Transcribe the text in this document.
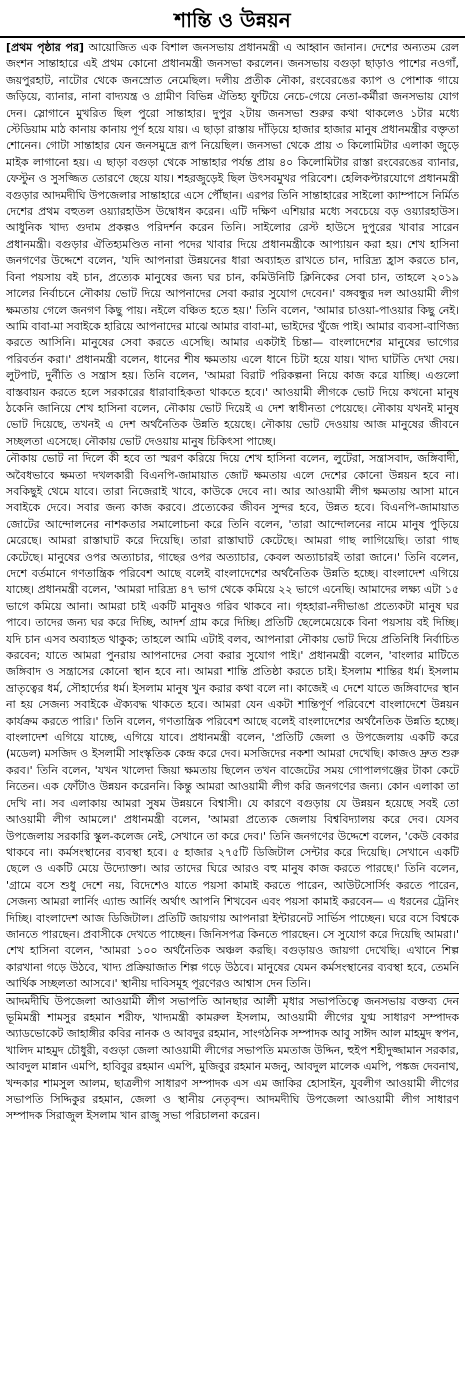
শান্তি ও উন্নয়ন

[প্রথম পৃষ্ঠার পর] আয়োজিত এক বিশাল জনসভায় প্রধানমন্ত্রী এ আহ্বান জানান। দেশের অন্যতম রেল জংশন সান্তাহারে এই প্রথম কোনো প্রধানমন্ত্রী জনসভা করলেন। জনসভায় বগুড়া ছাড়াও পাশের নওগাঁ, জয়পুরহাট, নাটোর থেকে জনস্রোত নেমেছিল। দলীয় প্রতীক নৌকা, রংবেরঙের ক্যাপ ও পোশাক গায়ে জড়িয়ে, ব্যানার, নানা বাদ্যযন্ত্র ও গ্রামীণ বিভিন্ন ঐতিহ্য ফুটিয়ে নেচে-গেয়ে নেতা-কর্মীরা জনসভায় যোগ দেন। স্লোগানে মুখরিত ছিল পুরো সান্তাহার। দুপুর ২টায় জনসভা শুরুর কথা থাকলেও ১টার মধ্যে স্টেডিয়াম মাঠ কানায় কানায় পূর্ণ হয়ে যায়। এ ছাড়া রাস্তায় দাঁড়িয়ে হাজার হাজার মানুষ প্রধানমন্ত্রীর বক্তৃতা শোনেন। গোটা সান্তাহার যেন জনসমুদ্রে রূপ নিয়েছিল। জনসভা থেকে প্রায় ৩ কিলোমিটার এলাকা জুড়ে মাইক লাগানো হয়। এ ছাড়া বগুড়া থেকে সান্তাহার পর্যন্ত প্রায় ৪০ কিলোমিটার রাস্তা রংবেরঙের ব্যানার, ফেস্টুন ও সুসজ্জিত তোরণে ছেয়ে যায়। শহরজুড়েই ছিল উৎসবমুখর পরিবেশ। হেলিকপ্টারযোগে প্রধানমন্ত্রী বগুড়ার আদমদীঘি উপজেলার সান্তাহারে এসে পৌঁছান। এরপর তিনি সান্তাহারের সাইলো ক্যাম্পাসে নির্মিত দেশের প্রথম বহুতল ওয়্যারহাউস উদ্বোধন করেন। এটি দক্ষিণ এশিয়ার মধ্যে সবচেয়ে বড় ওয়্যারহাউস। আধুনিক খাদ্য গুদাম প্রকল্পও পরিদর্শন করেন তিনি। সাইলোর রেস্ট হাউসে দুপুরের খাবার সারেন প্রধানমন্ত্রী। বগুড়ার ঐতিহ্যমণ্ডিত নানা পদের খাবার দিয়ে প্রধানমন্ত্রীকে আপ্যায়ন করা হয়। শেখ হাসিনা জনগণের উদ্দেশে বলেন, 'যদি আপনারা উন্নয়নের ধারা অব্যাহত রাখতে চান, দারিদ্র্য হ্রাস করতে চান, বিনা পয়সায় বই চান, প্রত্যেক মানুষের জন্য ঘর চান, কমিউনিটি ক্লিনিকের সেবা চান, তাহলে ২০১৯ সালের নির্বাচনে নৌকায় ভোট দিয়ে আপনাদের সেবা করার সুযোগ দেবেন।' বঙ্গবন্ধুর দল আওয়ামী লীগ ক্ষমতায় গেলে জনগণ কিছু পায়। নইলে বঞ্চিত হতে হয়।' তিনি বলেন, 'আমার চাওয়া-পাওয়ার কিছু নেই। আমি বাবা-মা সবাইকে হারিয়ে আপনাদের মাঝে আমার বাবা-মা, ভাইদের খুঁজে পাই। আমার ব্যবসা-বাণিজ্য করতে আসিনি। মানুষের সেবা করতে এসেছি। আমার একটাই চিন্তা— বাংলাদেশের মানুষের ভাগ্যের পরিবর্তন করা।' প্রধানমন্ত্রী বলেন, ধানের শীষ ক্ষমতায় এলে ধানে চিটা হয়ে যায়। খাদ্য ঘাটতি দেখা দেয়। লুটপাট, দুর্নীতি ও সন্ত্রাস হয়। তিনি বলেন, 'আমরা বিরাট পরিকল্পনা নিয়ে কাজ করে যাচ্ছি। এগুলো বাস্তবায়ন করতে হলে সরকারের ধারাবাহিকতা থাকতে হবে।' আওয়ামী লীগকে ভোট দিয়ে কখনো মানুষ ঠকেনি জানিয়ে শেখ হাসিনা বলেন, নৌকায় ভোট দিয়েই এ দেশ স্বাধীনতা পেয়েছে। নৌকায় যখনই মানুষ ভোট দিয়েছে, তখনই এ দেশ অর্থনৈতিক উন্নতি হয়েছে। নৌকায় ভোট দেওয়ায় আজ মানুষের জীবনে সচ্ছলতা এসেছে। নৌকায় ভোট দেওয়ায় মানুষ চিকিৎসা পাচ্ছে।

নৌকায় ভোট না দিলে কী হবে তা স্মরণ করিয়ে দিয়ে শেখ হাসিনা বলেন, লুটেরা, সন্ত্রাসবাদ, জঙ্গিবাদী, অবৈধভাবে ক্ষমতা দখলকারী বিএনপি-জামায়াত জোট ক্ষমতায় এলে দেশের কোনো উন্নয়ন হবে না। সবকিছুই থেমে যাবে। তারা নিজেরাই খাবে, কাউকে দেবে না। আর আওয়ামী লীগ ক্ষমতায় আসা মানে সবাইকে দেবে। সবার জন্য কাজ করবে। প্রত্যেকের জীবন সুন্দর হবে, উন্নত হবে। বিএনপি-জামায়াত জোটের আন্দোলনের নাশকতার সমালোচনা করে তিনি বলেন, 'তারা আন্দোলনের নামে মানুষ পুড়িয়ে মেরেছে। আমরা রাস্তাঘাট করে দিয়েছি। তারা রাস্তাঘাট কেটেছে। আমরা গাছ লাগিয়েছি। তারা গাছ কেটেছে। মানুষের ওপর অত্যাচার, গাছের ওপর অত্যাচার, কেবল অত্যাচারই তারা জানে।' তিনি বলেন, দেশে বর্তমানে গণতান্ত্রিক পরিবেশ আছে বলেই বাংলাদেশের অর্থনৈতিক উন্নতি হচ্ছে। বাংলাদেশ এগিয়ে যাচ্ছে। প্রধানমন্ত্রী বলেন, 'আমরা দারিদ্র্য ৪৭ ভাগ থেকে কমিয়ে ২২ ভাগে এনেছি। আমাদের লক্ষ্য এটা ১৫ ভাগে কমিয়ে আনা। আমরা চাই একটি মানুষও গরিব থাকবে না। গৃহহারা-নদীভাঙা প্রত্যেকটা মানুষ ঘর পাবে। তাদের জন্য ঘর করে দিচ্ছি, আদর্শ গ্রাম করে দিচ্ছি। প্রতিটি ছেলেমেয়েকে বিনা পয়সায় বই দিচ্ছি। যদি চান এসব অব্যাহত থাকুক; তাহলে আমি এটাই বলব, আপনারা নৌকায় ভোট দিয়ে প্রতিনিধি নির্বাচিত করবেন; যাতে আমরা পুনরায় আপনাদের সেবা করার সুযোগ পাই।' প্রধানমন্ত্রী বলেন, 'বাংলার মাটিতে জঙ্গিবাদ ও সন্ত্রাসের কোনো স্থান হবে না। আমরা শান্তি প্রতিষ্ঠা করতে চাই। ইসলাম শান্তির ধর্ম। ইসলাম ভ্রাতৃত্বের ধর্ম, সৌহার্দ্যের ধর্ম। ইসলাম মানুষ খুন করার কথা বলে না। কাজেই এ দেশে যাতে জঙ্গিবাদের স্থান না হয় সেজন্য সবাইকে ঐক্যবদ্ধ থাকতে হবে। আমরা যেন একটা শান্তিপূর্ণ পরিবেশে বাংলাদেশে উন্নয়ন কার্যক্রম করতে পারি।' তিনি বলেন, গণতান্ত্রিক পরিবেশ আছে বলেই বাংলাদেশের অর্থনৈতিক উন্নতি হচ্ছে। বাংলাদেশ এগিয়ে যাচ্ছে, এগিয়ে যাবে। প্রধানমন্ত্রী বলেন, 'প্রতিটি জেলা ও উপজেলায় একটি করে (মডেল) মসজিদ ও ইসলামী সাংস্কৃতিক কেন্দ্র করে দেব। মসজিদের নকশা আমরা দেখেছি। কাজও দ্রুত শুরু করব।' তিনি বলেন, 'যখন খালেদা জিয়া ক্ষমতায় ছিলেন তখন বাজেটের সময় গোপালগঞ্জের টাকা কেটে নিতেন। এক ফোঁটাও উন্নয়ন করেননি। কিন্তু আমরা আওয়ামী লীগ করি জনগণের জন্য। কোন এলাকা তা দেখি না। সব এলাকায় আমরা সুষম উন্নয়নে বিশ্বাসী। যে কারণে বগুড়ায় যে উন্নয়ন হয়েছে সবই তো আওয়ামী লীগ আমলে।' প্রধানমন্ত্রী বলেন, 'আমরা প্রত্যেক জেলায় বিশ্ববিদ্যালয় করে দেব। যেসব উপজেলায় সরকারি স্কুল-কলেজ নেই, সেখানে তা করে দেব।' তিনি জনগণের উদ্দেশে বলেন, 'কেউ বেকার থাকবে না। কর্মসংস্থানের ব্যবস্থা হবে। ৫ হাজার ২৭৫টি ডিজিটাল সেন্টার করে দিয়েছি। সেখানে একটি ছেলে ও একটি মেয়ে উদ্যোক্তা। আর তাদের ঘিরে আরও বহু মানুষ কাজ করতে পারছে।' তিনি বলেন, 'গ্রামে বসে শুধু দেশে নয়, বিদেশেও যাতে পয়সা কামাই করতে পারেন, আউটসোর্সিং করতে পারেন, সেজন্য আমরা লার্নিং এ্যান্ড আর্নিং অর্থাৎ আপনি শিখবেন এবং পয়সা কামাই করবেন— এ ধরনের ট্রেনিং দিচ্ছি। বাংলাদেশ আজ ডিজিটাল। প্রতিটি জায়গায় আপনারা ইন্টারনেট সার্ভিস পাচ্ছেন। ঘরে বসে বিশ্বকে জানতে পারছেন। প্রবাসীকে দেখতে পাচ্ছেন। জিনিসপত্র কিনতে পারছেন। সে সুযোগ করে দিয়েছি আমরা।' শেখ হাসিনা বলেন, 'আমরা ১০০ অর্থনৈতিক অঞ্চল করছি। বগুড়ায়ও জায়গা দেখেছি। এখানে শিল্প কারখানা গড়ে উঠবে, খাদ্য প্রক্রিয়াজাত শিল্প গড়ে উঠবে। মানুষের যেমন কর্মসংস্থানের ব্যবস্থা হবে, তেমনি আর্থিক সচ্ছলতা আসবে।' স্থানীয় দাবিসমূহ পূরণেরও আশ্বাস দেন তিনি।

আদমদীঘি উপজেলা আওয়ামী লীগ সভাপতি আনছার আলী মৃধার সভাপতিত্বে জনসভায় বক্তব্য দেন ভূমিমন্ত্রী শামসুর রহমান শরীফ, খাদ্যমন্ত্রী কামরুল ইসলাম, আওয়ামী লীগের যুগ্ম সাধারণ সম্পাদক অ্যাডভোকেট জাহাঙ্গীর কবির নানক ও আবদুর রহমান, সাংগঠনিক সম্পাদক আবু সাঈদ আল মাহমুদ স্বপন, খালিদ মাহমুদ চৌধুরী, বগুড়া জেলা আওয়ামী লীগের সভাপতি মমতাজ উদ্দিন, হুইপ শহীদুজ্জামান সরকার, আবদুল মান্নান এমপি, হাবিবুর রহমান এমপি, মুজিবুর রহমান মজনু, আবদুল মালেক এমপি, পঙ্কজ দেবনাথ, খন্দকার শামসুল আলম, ছাত্রলীগ সাধারণ সম্পাদক এস এম জাকির হোসাইন, যুবলীগ আওয়ামী লীগের সভাপতি সিদ্দিকুর রহমান, জেলা ও স্থানীয় নেতৃবৃন্দ। আদমদীঘি উপজেলা আওয়ামী লীগ সাধারণ সম্পাদক সিরাজুল ইসলাম খান রাজু সভা পরিচালনা করেন।
